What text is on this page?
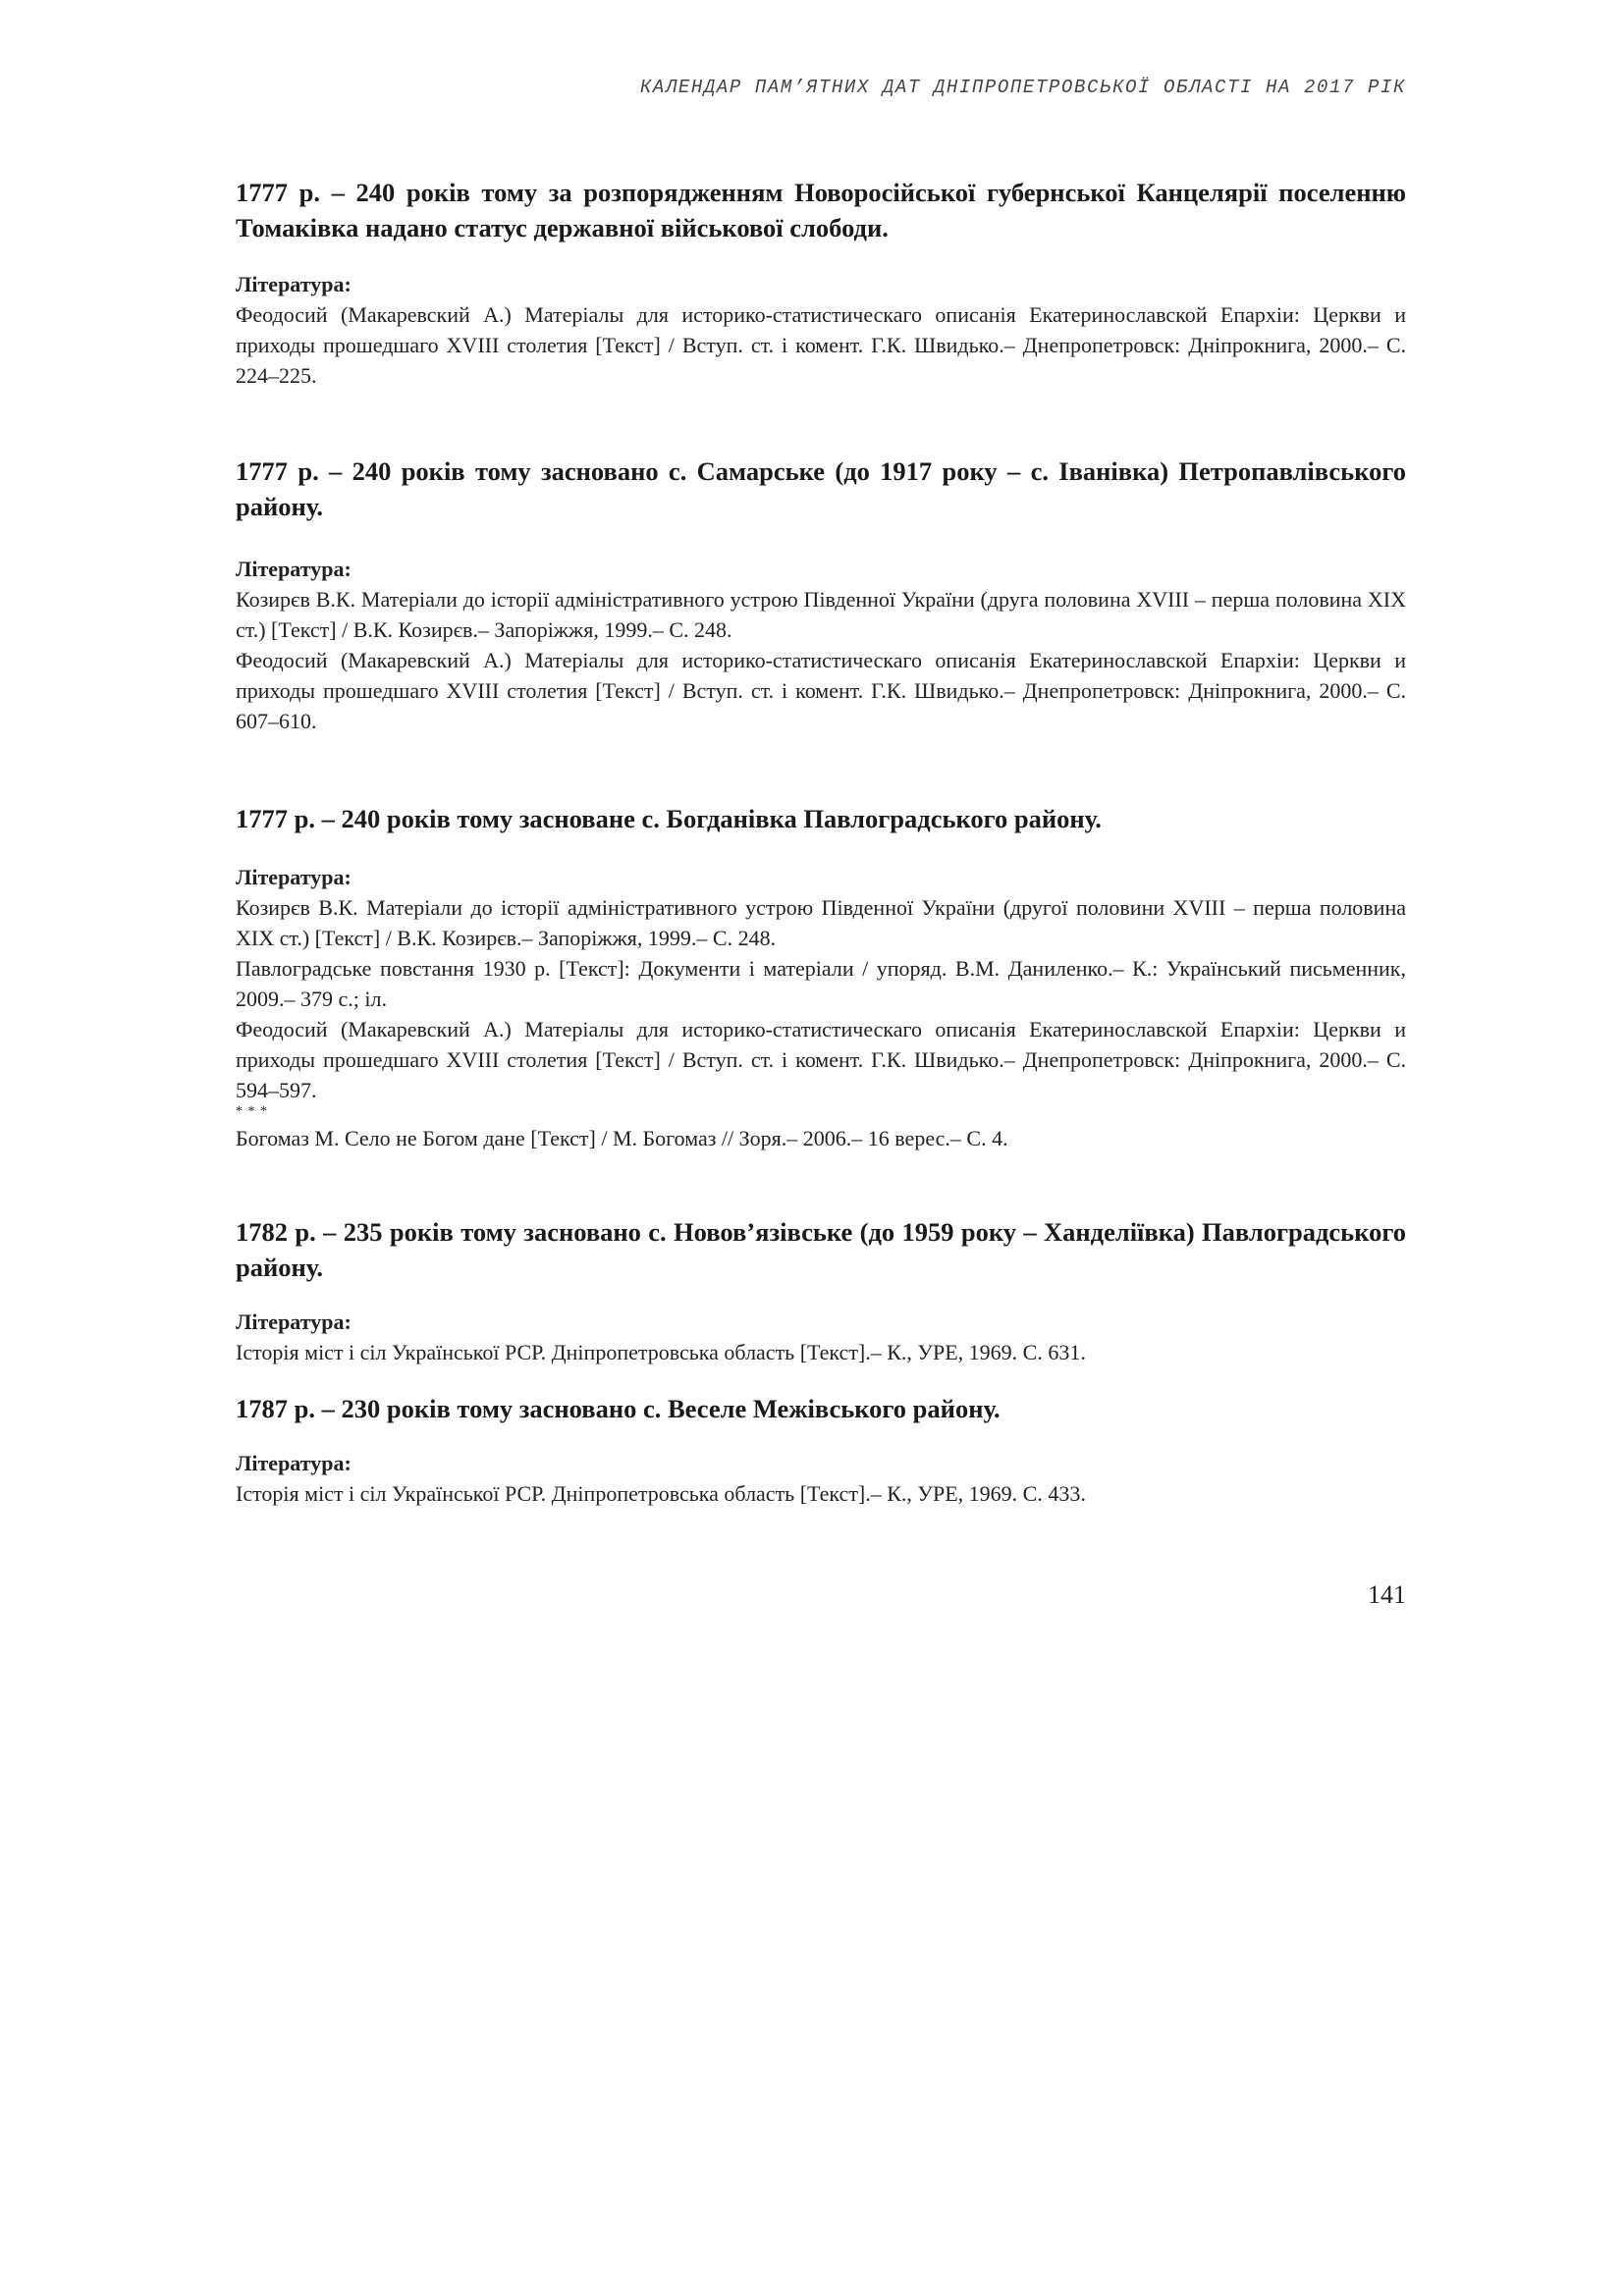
КАЛЕНДАР ПАМ’ЯТНИХ ДАТ ДНІПРОПЕТРОВСЬКОЇ ОБЛАСТІ НА 2017 РІК

1777 р. – 240 років тому за розпорядженням Новоросійської губернської Канцелярії поселенню Томаківка надано статус державної військової слободи.

Література:

Феодосий (Макаревский А.) Матеріалы для историко-статистическаго описанія Екатеринославской Епархіи: Церкви и приходы прошедшаго XVIII столетия [Текст] / Вступ. ст. і комент. Г.К. Швидько.– Днепропетровск: Дніпрокнига, 2000.– С. 224–225.

1777 р. – 240 років тому засновано с. Самарське (до 1917 року – с. Іванівка) Петропавлівського району.

Література:

Козирєв В.К. Матеріали до історії адміністративного устрою Південної України (друга половина XVIII – перша половина XIX ст.) [Текст] / В.К. Козирєв.– Запоріжжя, 1999.– С. 248.

Феодосий (Макаревский А.) Матеріалы для историко-статистическаго описанія Екатеринославской Епархіи: Церкви и приходы прошедшаго XVIII столетия [Текст] / Вступ. ст. і комент. Г.К. Швидько.– Днепропетровск: Дніпрокнига, 2000.– С. 607–610.

1777 р. – 240 років тому засноване с. Богданівка Павлоградського району.

Література:

Козирєв В.К. Матеріали до історії адміністративного устрою Південної України (другої половини XVIII – перша половина XIX ст.) [Текст] / В.К. Козирєв.– Запоріжжя, 1999.– С. 248.

Павлоградське повстання 1930 р. [Текст]: Документи і матеріали / упоряд. В.М. Даниленко.– К.: Український письменник, 2009.– 379 с.; іл.

Феодосий (Макаревский А.) Матеріалы для историко-статистическаго описанія Екатеринославской Епархіи: Церкви и приходы прошедшаго XVIII столетия [Текст] / Вступ. ст. і комент. Г.К. Швидько.– Днепропетровск: Дніпрокнига, 2000.– С. 594–597.

* * *

Богомаз М. Село не Богом дане [Текст] / М. Богомаз // Зоря.– 2006.– 16 верес.– С. 4.

1782 р. – 235 років тому засновано с. Нововʼязівське (до 1959 року – Ханделіївка) Павлоградського району.

Література:

Історія міст і сіл Української РСР. Дніпропетровська область [Текст].– К., УРЕ, 1969. С. 631.

1787 р. – 230 років тому засновано с. Веселе Межівського району.

Література:

Історія міст і сіл Української РСР. Дніпропетровська область [Текст].– К., УРЕ, 1969. С. 433.

141
